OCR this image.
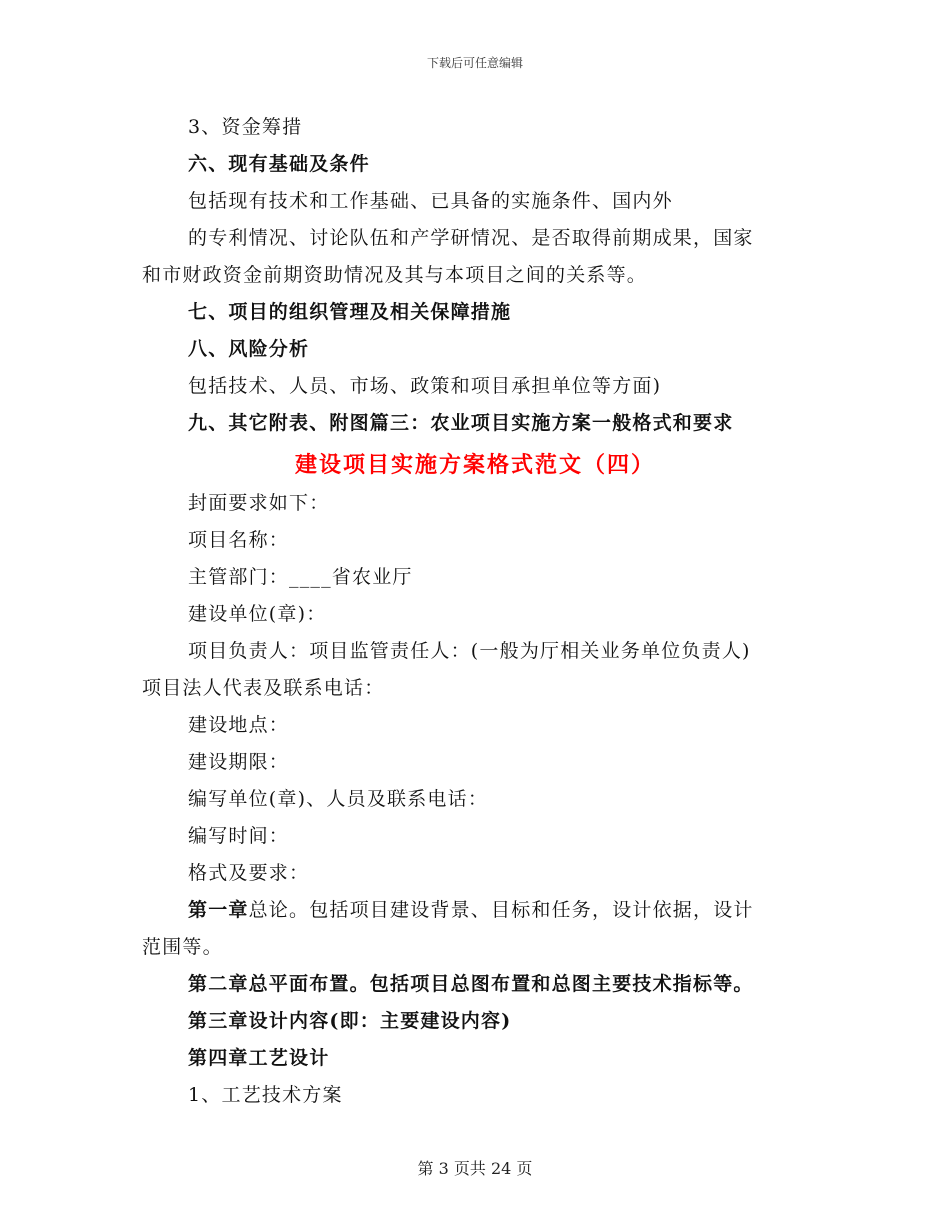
下载后可任意编辑
3、资金筹措
六、现有基础及条件
包括现有技术和工作基础、已具备的实施条件、国内外
的专利情况、讨论队伍和产学研情况、是否取得前期成果，国家
和市财政资金前期资助情况及其与本项目之间的关系等。
七、项目的组织管理及相关保障措施
八、风险分析
包括技术、人员、市场、政策和项目承担单位等方面)
九、其它附表、附图篇三：农业项目实施方案一般格式和要求
建设项目实施方案格式范文（四）
封面要求如下：
项目名称：
主管部门：____省农业厅
建设单位(章)：
项目负责人：项目监管责任人：(一般为厅相关业务单位负责人)
项目法人代表及联系电话：
建设地点：
建设期限：
编写单位(章)、人员及联系电话：
编写时间：
格式及要求：
第一章总论。包括项目建设背景、目标和任务，设计依据，设计
范围等。
第二章总平面布置。包括项目总图布置和总图主要技术指标等。
第三章设计内容(即：主要建设内容)
第四章工艺设计
1、工艺技术方案
第 3 页共 24 页
